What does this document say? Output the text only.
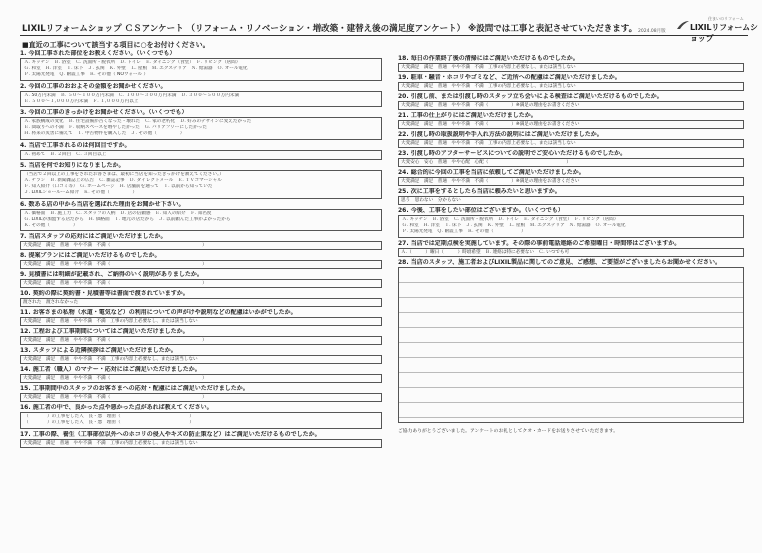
LIXILリフォームショップ ＣＳアンケート （リフォーム・リノベーション・増改築・建替え後の満足度アンケート） ※設問では工事と表記させていただきます。 2024.08月版
住まいのリフォーム
LIXILリフォームショップ
■直近の工事について該当する項目に○をお付けください。
1. 今回工事された部位をお教えください。（いくつでも）
Ａ. キッチン　Ｂ. 浴室　Ｃ. 洗面所・脱衣所　Ｄ. トイレ　Ｅ. ダイニング（食堂）　Ｆ. リビング（居間）
Ｇ. 和室　Ｈ. 洋室　Ｉ. 床下　Ｊ. 玄関　Ｋ. 外壁　Ｌ. 屋根　Ｍ. エクステリア　Ｎ. 給湯器　Ｏ. オール電化
Ｐ. 太陽光発電　Ｑ. 耐震工事　Ｒ. その他（ NOウォール ）
2. 今回の工事のおおよその金額をお聞かせください。
Ａ. 50万円未満　Ｂ. ５０～１００万円未満　Ｃ. １００～３００万円未満　Ｄ. ３００～５００万円未満
Ｅ. ５００～１,０００万円未満　Ｆ. １,０００万円以上
3. 今回の工事のきっかけをお聞かせください。（いくつでも）
Ａ. 家族構成の変化　Ｂ. 住宅設備が古くなった・壊れた　Ｃ. 家の老朽化　Ｄ. 好みのデザインに変えたかった
Ｅ. 間取りへの不満　Ｆ. 収納スペースを増やしたかった　Ｇ. バリアフリーにしたかった
Ｈ. 将来の災害に備えて　Ｉ. 中古物件を購入した　Ｊ. その他（　　　　　）
4. 当店で工事されるのは何回目ですか。
Ａ. 初めて　Ｂ. ２回目　Ｃ. ３回目以上
5. 当店を何でお知りになりましたか。
（当店で２回以上の工事をされたお客さまは、最初に当店を知ったきっかけを教えてください。）
Ａ. チラシ　Ｂ. 新聞雑誌上の広告　Ｃ. 雑誌記事　Ｄ. ダイレクトメール　Ｅ. ＴＶコマーシャル
Ｆ. 知人紹介（口コミ等）　Ｇ. ホームページ　Ｈ. 店舗前を通って　Ｉ. 以前から知っていた
Ｊ. LIXILショールーム紹介　Ｋ. その他（　　　　　）
6. 数ある店の中から当店を選ばれた理由をお聞かせ下さい。
Ａ. 価格面　Ｂ. 施工力　Ｃ. スタッフの人柄　Ｄ. 店の信頼感　Ｅ. 知人の紹介　Ｆ. 知名度
Ｇ. LIXILが加盟する店だから　Ｈ. 価格面　Ｉ. 地元の店だから　Ｊ. 以前頼んだ工事がよかったから
Ｋ. その他（　　　　　）
7. 当店スタッフの応対にはご満足いただけましたか。
大変満足　満足　普通　やや不満　不満（　　　　　　　　　　　　　　　　　　　　）
8. 提案プランにはご満足いただけるものでしたか。
大変満足　満足　普通　やや不満　不満（　　　　　　　　　　　　　　　　　　　　）
9. 見積書には明細が記載され、ご納得のいく説明がありましたか。
大変満足　満足　普通　やや不満　不満（　　　　　　　　　　　　　　　　　　　　）
10. 契約の際に契約書・見積書等は書面で渡されていますか。
渡された　渡されなかった
11. お客さまの私物（水道・電気など）の利用についての声がけや説明などの配慮はいかがでしたか。
大変満足　満足　普通　やや不満　不満　工事の内容上必要なし、または該当しない
12. 工程および工事期間についてはご満足いただけましたか。
大変満足　満足　普通　やや不満　不満（　　　　　　　　　　　　　　　　　　　　）
13. スタッフによる近隣挨拶はご満足いただけましたか。
大変満足　満足　普通　やや不満　不満　工事の内容上必要なし、または該当しない
14. 施工者（職人）のマナー・応対にはご満足いただけましたか。
大変満足　満足　普通　やや不満　不満（　　　　　　　　　　　　　　　　　　　　）
15. 工事期間中のスタッフのお客さまへの応対・配慮にはご満足いただけましたか。
大変満足　満足　普通　やや不満　不満（　　　　　　　　　　　　　　　　　　　　）
16. 施工者の中で、良かった点や悪かった点があれば教えてください。
（　　　　）の工事をした人　良・悪　理由（　　　　　　　　　　　　　　　）
（　　　　）の工事をした人　良・悪　理由（　　　　　　　　　　　　　　　）
17. 工事の際、養生（工事部位以外へのホコリの侵入やキズの防止策など）はご満足いただけるものでしたか。
大変満足　満足　普通　やや不満　不満　工事の内容上必要なし、または該当しない
18. 毎日の作業終了後の清掃にはご満足いただけるものでしたか。
大変満足　満足　普通　やや不満　不満　工事の内容上必要なし、または該当しない
19. 駐車・騒音・ホコリやゴミなど、ご近所への配慮はご満足いただけましたか。
大変満足　満足　普通　やや不満　不満　工事の内容上必要なし、または該当しない
20. 引渡し前、または引渡し時のスタッフ立ち会いによる検査はご満足いただけるものでしたか。
大変満足　満足　普通　やや不満　不満（　　　　　）※満足の理由をお書きください
21. 工事の仕上がりにはご満足いただけましたか。
大変満足　満足　普通　やや不満　不満（　　　　　）※満足の理由をお書きください
22. 引渡し時の取扱説明や手入れ方法の説明にはご満足いただけましたか。
大変満足　満足　普通　やや不満　不満　工事の内容上必要なし、または該当しない
23. 引渡し時のアフターサービスについての説明でご安心いただけるものでしたか。
大変安心　安心　普通　やや心配　心配（　　　　　　　　　　　　　　　　　）
24. 総合的に今回の工事を当店に依頼してご満足いただけましたか。
大変満足　満足　普通　やや不満　不満（　　　　　）※満足の理由をお書きください
25. 次に工事をするとしたら当店に頼みたいと思いますか。
思う　思わない　分からない
26. 今後、工事をしたい部位はございますか。（いくつでも）
Ａ. キッチン　Ｂ. 浴室　Ｃ. 洗面所・脱衣所　Ｄ. トイレ　Ｅ. ダイニング（食堂）　Ｆ. リビング（居間）
Ｇ. 和室　Ｈ. 洋室　Ｉ. 床下　Ｊ. 玄関　Ｋ. 外壁　Ｌ. 屋根　Ｍ. エクステリア　Ｎ. 給湯器　Ｏ. オール電化
Ｐ. 太陽光発電　Ｑ. 耐震工事　Ｒ. その他（　　　　　　）
27. 当店では定期点検を実施しています。その際の事前電話連絡のご希望曜日・時間帯はございますか。
Ａ.（　　　）曜日（　　　）時頃希望　Ｂ. 連絡は特に必要ない　Ｃ. いつでも可
28. 当店のスタッフ、施工者およびLIXIL製品に関してのご意見、ご感想、ご要望がございましたらお聞かせください。
ご協力ありがとうございました。アンケートのお礼としてクオ・カードをお送りさせていただきます。
